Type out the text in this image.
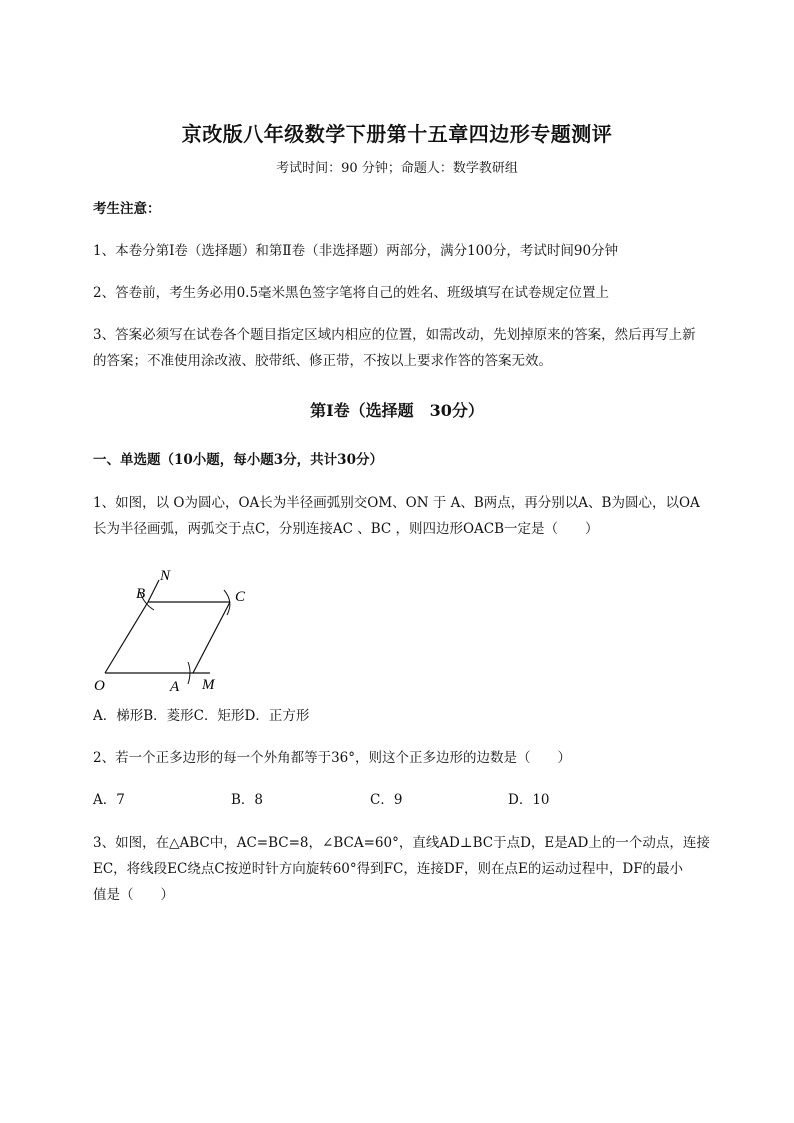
京改版八年级数学下册第十五章四边形专题测评
考试时间：90 分钟；命题人：数学教研组
考生注意：
1、本卷分第Ⅰ卷（选择题）和第Ⅱ卷（非选择题）两部分，满分100分，考试时间90分钟
2、答卷前，考生务必用0.5毫米黑色签字笔将自己的姓名、班级填写在试卷规定位置上
3、答案必须写在试卷各个题目指定区域内相应的位置，如需改动，先划掉原来的答案，然后再写上新
的答案；不准使用涂改液、胶带纸、修正带，不按以上要求作答的答案无效。
第Ⅰ卷（选择题　30分）
一、单选题（10小题，每小题3分，共计30分）
1、如图，以 O为圆心，OA长为半径画弧别交OM、ON 于 A、B两点，再分别以A、B为圆心，以OA
长为半径画弧，两弧交于点C，分别连接AC 、BC ，则四边形OACB一定是（　　）
N
B	C
O	A M
A．梯形B．菱形C．矩形D．正方形
2、若一个正多边形的每一个外角都等于36°，则这个正多边形的边数是（　　）
A．7	B．8	C．9	D．10
3、如图，在△ABC中，AC=BC=8，∠BCA=60°，直线AD⊥BC于点D，E是AD上的一个动点，连接
EC，将线段EC绕点C按逆时针方向旋转60°得到FC，连接DF，则在点E的运动过程中，DF的最小
值是（　　）
